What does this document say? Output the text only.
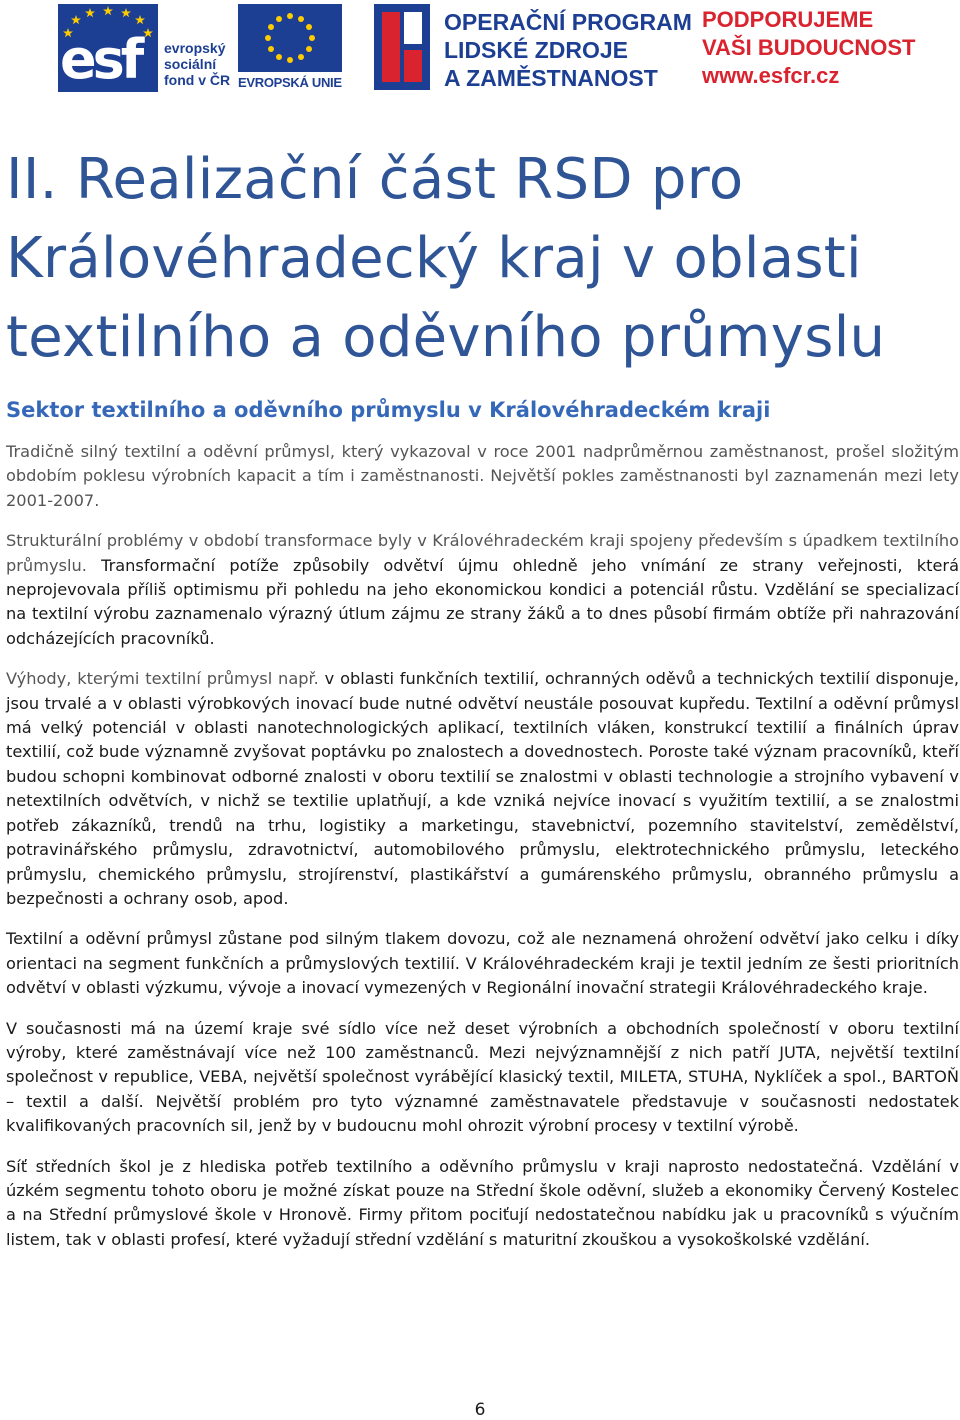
esf evropský
sociální
fond v ČR EVROPSKÁ UNIE
OPERAČNÍ PROGRAM
LIDSKÉ ZDROJE
A ZAMĚSTNANOST
PODPORUJEME
VAŠI BUDOUCNOST
www.esfcr.cz
II. Realizační část RSD pro Královéhradecký kraj v oblasti textilního a oděvního průmyslu
Sektor textilního a oděvního průmyslu v Královéhradeckém kraji

Tradičně silný textilní a oděvní průmysl, který vykazoval v roce 2001 nadprůměrnou zaměstnanost, prošel složitým obdobím poklesu výrobních kapacit a tím i zaměstnanosti. Největší pokles zaměstnanosti byl zaznamenán mezi lety 2001-2007.

Strukturální problémy v období transformace byly v Královéhradeckém kraji spojeny především s úpadkem textilního průmyslu. Transformační potíže způsobily odvětví újmu ohledně jeho vnímání ze strany veřejnosti, která neprojevovala příliš optimismu při pohledu na jeho ekonomickou kondici a potenciál růstu. Vzdělání se specializací na textilní výrobu zaznamenalo výrazný útlum zájmu ze strany žáků a to dnes působí firmám obtíže při nahrazování odcházejících pracovníků.

Výhody, kterými textilní průmysl např. v oblasti funkčních textilií, ochranných oděvů a technických textilií disponuje, jsou trvalé a v oblasti výrobkových inovací bude nutné odvětví neustále posouvat kupředu. Textilní a oděvní průmysl má velký potenciál v oblasti nanotechnologických aplikací, textilních vláken, konstrukcí textilií a finálních úprav textilií, což bude významně zvyšovat poptávku po znalostech a dovednostech. Poroste také význam pracovníků, kteří budou schopni kombinovat odborné znalosti v oboru textilií se znalostmi v oblasti technologie a strojního vybavení v netextilních odvětvích, v nichž se textilie uplatňují, a kde vzniká nejvíce inovací s využitím textilií, a se znalostmi potřeb zákazníků, trendů na trhu, logistiky a marketingu, stavebnictví, pozemního stavitelství, zemědělství, potravinářského průmyslu, zdravotnictví, automobilového průmyslu, elektrotechnického průmyslu, leteckého průmyslu, chemického průmyslu, strojírenství, plastikářství a gumárenského průmyslu, obranného průmyslu a bezpečnosti a ochrany osob, apod.

Textilní a oděvní průmysl zůstane pod silným tlakem dovozu, což ale neznamená ohrožení odvětví jako celku i díky orientaci na segment funkčních a průmyslových textilií. V Královéhradeckém kraji je textil jedním ze šesti prioritních odvětví v oblasti výzkumu, vývoje a inovací vymezených v Regionální inovační strategii Královéhradeckého kraje.

V současnosti má na území kraje své sídlo více než deset výrobních a obchodních společností v oboru textilní výroby, které zaměstnávají více než 100 zaměstnanců. Mezi nejvýznamnější z nich patří JUTA, největší textilní společnost v republice, VEBA, největší společnost vyrábějící klasický textil, MILETA, STUHA, Nyklíček a spol., BARTOŇ – textil a další. Největší problém pro tyto významné zaměstnavatele představuje v současnosti nedostatek kvalifikovaných pracovních sil, jenž by v budoucnu mohl ohrozit výrobní procesy v textilní výrobě.

Síť středních škol je z hlediska potřeb textilního a oděvního průmyslu v kraji naprosto nedostatečná. Vzdělání v úzkém segmentu tohoto oboru je možné získat pouze na Střední škole oděvní, služeb a ekonomiky Červený Kostelec a na Střední průmyslové škole v Hronově. Firmy přitom pociťují nedostatečnou nabídku jak u pracovníků s výučním listem, tak v oblasti profesí, které vyžadují střední vzdělání s maturitní zkouškou a vysokoškolské vzdělání.

6
